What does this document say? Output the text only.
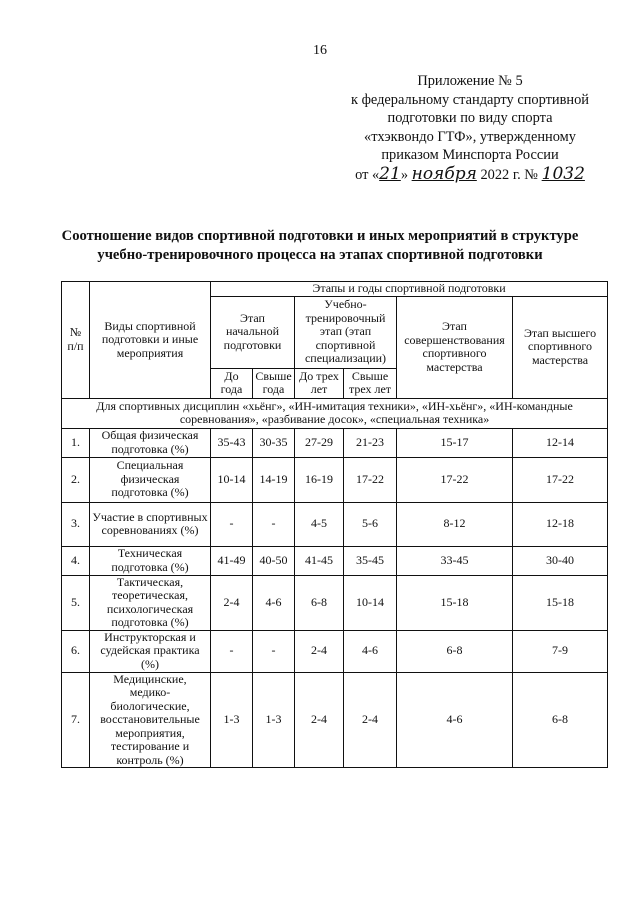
16
Приложение № 5
к федеральному стандарту спортивной
подготовки по виду спорта
«тхэквондо ГТФ», утвержденному
приказом Минспорта России
от «21» ноября 2022 г. № 1032
Соотношение видов спортивной подготовки и иных мероприятий в структуре
учебно-тренировочного процесса на этапах спортивной подготовки
№ п/п	Виды спортивной подготовки и иные мероприятия	Этапы и годы спортивной подготовки					
		Этап начальной подготовки		Учебно-тренировочный этап (этап спортивной специализации)		Этап совершенствования спортивного мастерства	Этап высшего спортивного мастерства
		До года	Свыше года	До трех лет	Свыше трех лет		
Для спортивных дисциплин «хьёнг», «ИН-имитация техники», «ИН-хьёнг», «ИН-командные соревнования», «разбивание досок», «специальная техника»							
1.	Общая физическая подготовка (%)	35-43	30-35	27-29	21-23	15-17	12-14
2.	Специальная физическая подготовка (%)	10-14	14-19	16-19	17-22	17-22	17-22
3.	Участие в спортивных соревнованиях (%)	-	-	4-5	5-6	8-12	12-18
4.	Техническая подготовка (%)	41-49	40-50	41-45	35-45	33-45	30-40
5.	Тактическая, теоретическая, психологическая подготовка (%)	2-4	4-6	6-8	10-14	15-18	15-18
6.	Инструкторская и судейская практика (%)	-	-	2-4	4-6	6-8	7-9
7.	Медицинские, медико-биологические, восстановительные мероприятия, тестирование и контроль (%)	1-3	1-3	2-4	2-4	4-6	6-8
